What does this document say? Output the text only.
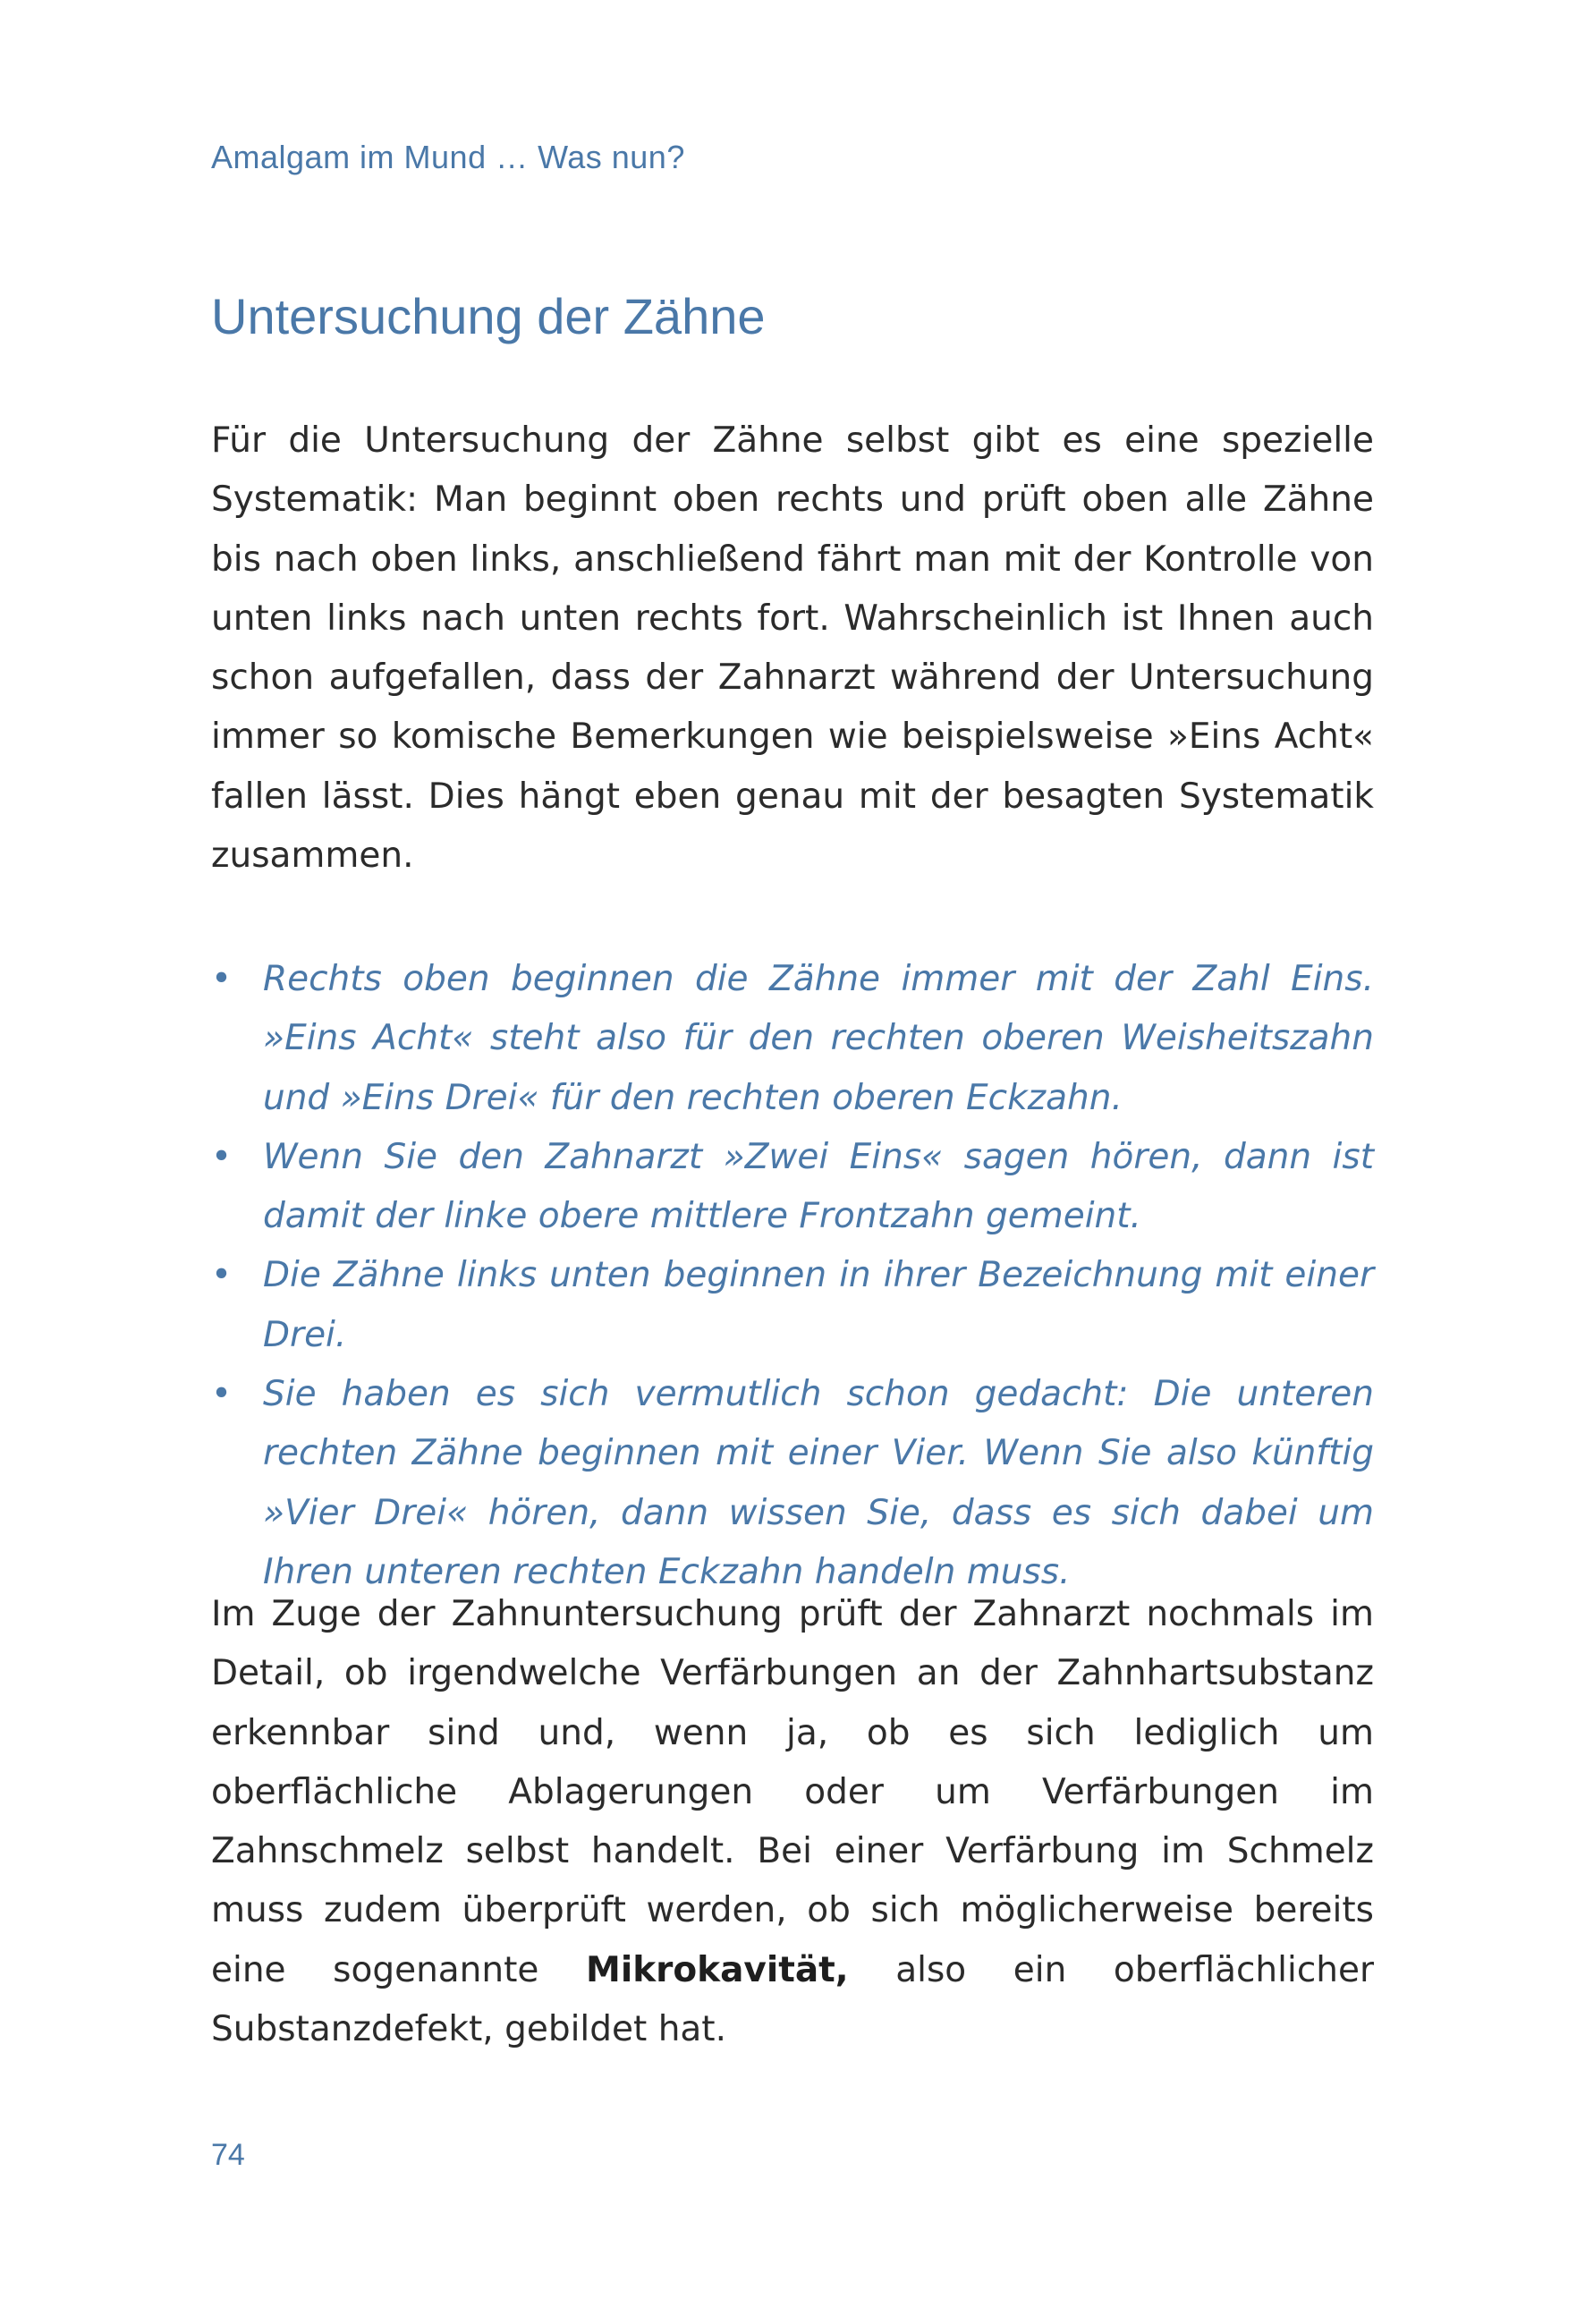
Amalgam im Mund … Was nun?
Untersuchung der Zähne

Für die Untersuchung der Zähne selbst gibt es eine spezielle Systematik: Man beginnt oben rechts und prüft oben alle Zähne bis nach oben links, anschließend fährt man mit der Kontrolle von unten links nach unten rechts fort. Wahrscheinlich ist Ihnen auch schon aufgefallen, dass der Zahnarzt während der Untersuchung immer so komische Bemerkungen wie beispielsweise »Eins Acht« fallen lässt. Dies hängt eben genau mit der besagten Systematik zusammen.

• Rechts oben beginnen die Zähne immer mit der Zahl Eins. »Eins Acht« steht also für den rechten oberen Weisheitszahn und »Eins Drei« für den rechten oberen Eckzahn.
• Wenn Sie den Zahnarzt »Zwei Eins« sagen hören, dann ist damit der linke obere mittlere Frontzahn gemeint.
• Die Zähne links unten beginnen in ihrer Bezeichnung mit einer Drei.
• Sie haben es sich vermutlich schon gedacht: Die unteren rechten Zähne beginnen mit einer Vier. Wenn Sie also künftig »Vier Drei« hören, dann wissen Sie, dass es sich dabei um Ihren unteren rechten Eckzahn handeln muss.

Im Zuge der Zahnuntersuchung prüft der Zahnarzt nochmals im Detail, ob irgendwelche Verfärbungen an der Zahnhartsubstanz erkennbar sind und, wenn ja, ob es sich lediglich um oberflächliche Ablagerungen oder um Verfärbungen im Zahnschmelz selbst handelt. Bei einer Verfärbung im Schmelz muss zudem überprüft werden, ob sich möglicherweise bereits eine sogenannte Mikrokavität, also ein oberflächlicher Substanzdefekt, gebildet hat.

74
